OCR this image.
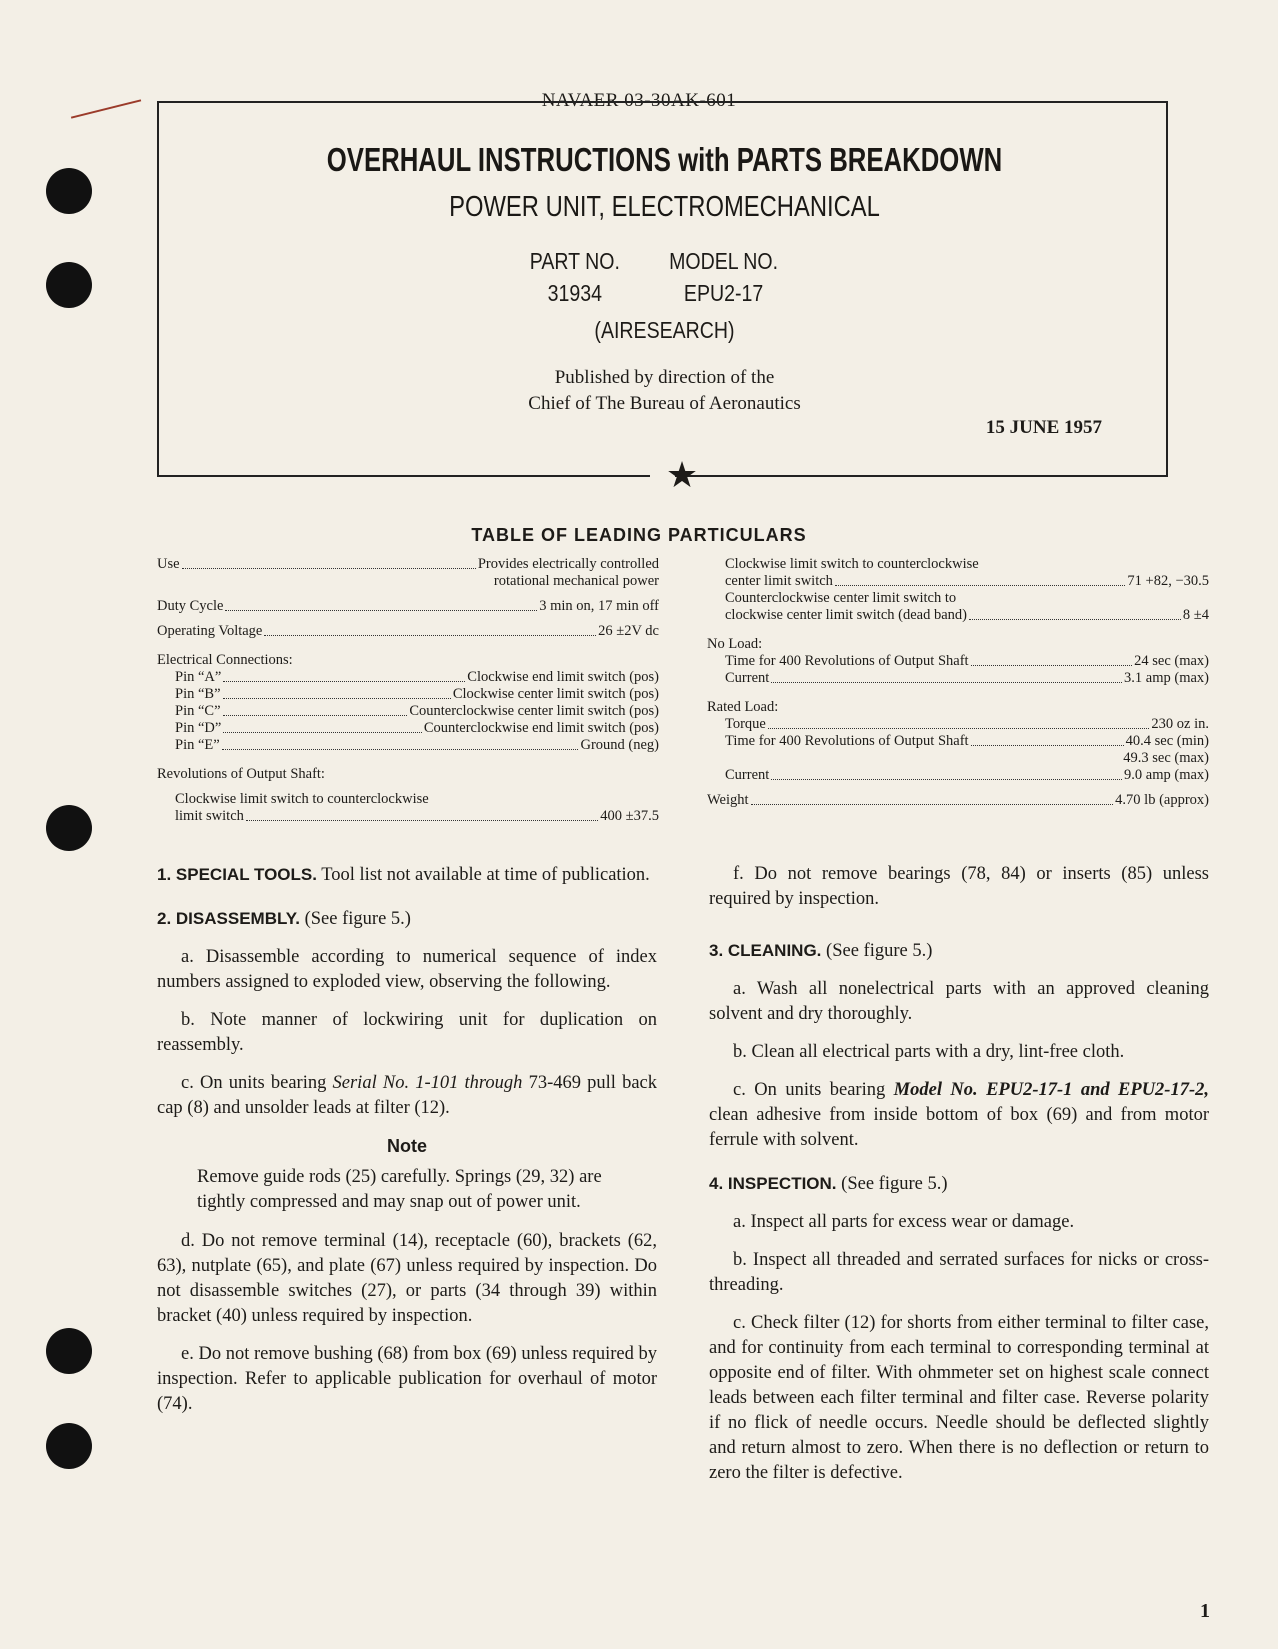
NAVAER 03-30AK-601
OVERHAUL INSTRUCTIONS with PARTS BREAKDOWN
POWER UNIT, ELECTROMECHANICAL
PART NO.
31934
MODEL NO.
EPU2-17
(AIRESEARCH)
Published by direction of the
Chief of The Bureau of Aeronautics
15 JUNE 1957
★
TABLE OF LEADING PARTICULARS
Use	Provides electrically controlled
rotational mechanical power
Duty Cycle	3 min on, 17 min off
Operating Voltage	26 ±2V dc
Electrical Connections:
Pin “A”	Clockwise end limit switch (pos)
Pin “B”	Clockwise center limit switch (pos)
Pin “C”	Counterclockwise center limit switch (pos)
Pin “D”	Counterclockwise end limit switch (pos)
Pin “E”	Ground (neg)
Revolutions of Output Shaft:
Clockwise limit switch to counterclockwise
limit switch	400 ±37.5
Clockwise limit switch to counterclockwise
center limit switch	71 +82, −30.5
Counterclockwise center limit switch to
clockwise center limit switch (dead band)	8 ±4
No Load:
Time for 400 Revolutions of Output Shaft	24 sec (max)
Current	3.1 amp (max)
Rated Load:
Torque	230 oz in.
Time for 400 Revolutions of Output Shaft	40.4 sec (min)
49.3 sec (max)
Current	9.0 amp (max)
Weight	4.70 lb (approx)

1. SPECIAL TOOLS. Tool list not available at time of publication.

2. DISASSEMBLY. (See figure 5.)

a. Disassemble according to numerical sequence of index numbers assigned to exploded view, observing the following.

b. Note manner of lockwiring unit for duplication on reassembly.

c. On units bearing Serial No. 1-101 through 73-469 pull back cap (8) and unsolder leads at filter (12).

Note
Remove guide rods (25) carefully. Springs (29, 32) are tightly compressed and may snap out of power unit.

d. Do not remove terminal (14), receptacle (60), brackets (62, 63), nutplate (65), and plate (67) unless required by inspection. Do not disassemble switches (27), or parts (34 through 39) within bracket (40) unless required by inspection.

e. Do not remove bushing (68) from box (69) unless required by inspection. Refer to applicable publication for overhaul of motor (74).

f. Do not remove bearings (78, 84) or inserts (85) unless required by inspection.

3. CLEANING. (See figure 5.)

a. Wash all nonelectrical parts with an approved cleaning solvent and dry thoroughly.

b. Clean all electrical parts with a dry, lint-free cloth.

c. On units bearing Model No. EPU2-17-1 and EPU2-17-2, clean adhesive from inside bottom of box (69) and from motor ferrule with solvent.

4. INSPECTION. (See figure 5.)

a. Inspect all parts for excess wear or damage.

b. Inspect all threaded and serrated surfaces for nicks or cross-threading.

c. Check filter (12) for shorts from either terminal to filter case, and for continuity from each terminal to corresponding terminal at opposite end of filter. With ohmmeter set on highest scale connect leads between each filter terminal and filter case. Reverse polarity if no flick of needle occurs. Needle should be deflected slightly and return almost to zero. When there is no deflection or return to zero the filter is defective.

1
